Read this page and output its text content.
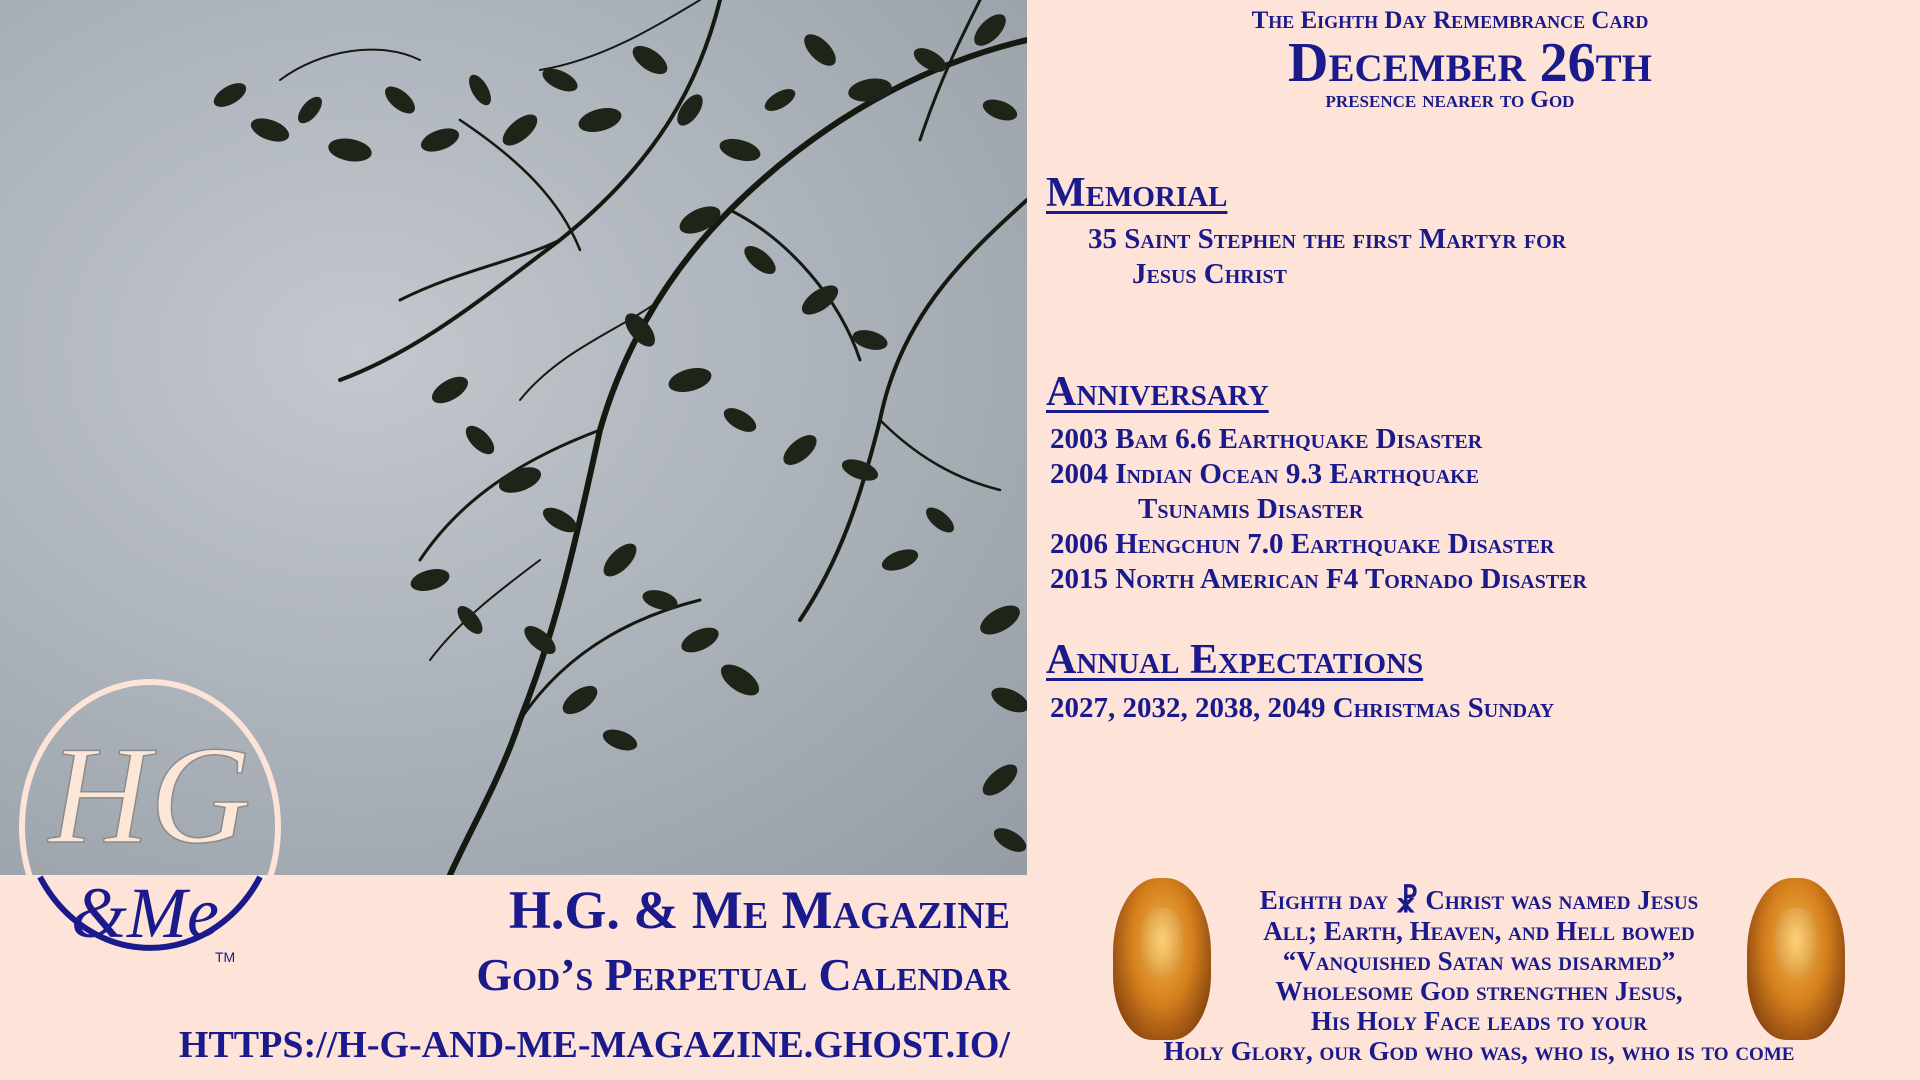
HG
&Me
TM
H.G. & Me Magazine
God’s Perpetual Calendar
HTTPS://H-G-AND-ME-MAGAZINE.GHOST.IO/
The Eighth Day Remembrance Card
December 26th
presence nearer to God
Memorial
35 Saint Stephen the first Martyr for
Jesus Christ
Anniversary
2003 Bam 6.6 Earthquake Disaster
2004 Indian Ocean 9.3 Earthquake
Tsunamis Disaster
2006 Hengchun 7.0 Earthquake Disaster
2015 North American F4 Tornado Disaster
Annual Expectations
2027, 2032, 2038, 2049 Christmas Sunday
Eighth day ☧ Christ was named Jesus
All; Earth, Heaven, and Hell bowed
“Vanquished Satan was disarmed”
Wholesome God strengthen Jesus,
His Holy Face leads to your
Holy Glory, our God who was, who is, who is to come
